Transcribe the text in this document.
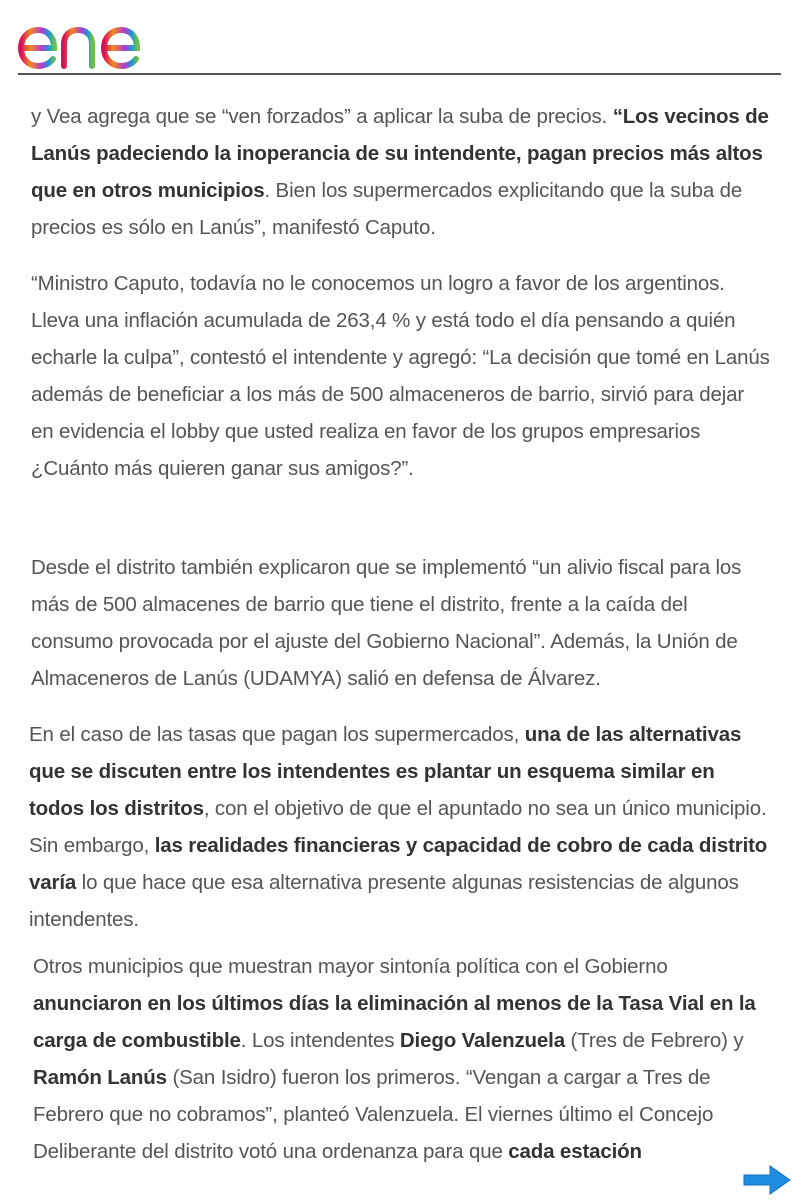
y Vea agrega que se “ven forzados” a aplicar la suba de precios. “Los vecinos de Lanús padeciendo la inoperancia de su intendente, pagan precios más altos que en otros municipios. Bien los supermercados explicitando que la suba de precios es sólo en Lanús”, manifestó Caputo.

“Ministro Caputo, todavía no le conocemos un logro a favor de los argentinos. Lleva una inflación acumulada de 263,4 % y está todo el día pensando a quién echarle la culpa”, contestó el intendente y agregó: “La decisión que tomé en Lanús además de beneficiar a los más de 500 almaceneros de barrio, sirvió para dejar en evidencia el lobby que usted realiza en favor de los grupos empresarios ¿Cuánto más quieren ganar sus amigos?”.

Desde el distrito también explicaron que se implementó “un alivio fiscal para los más de 500 almacenes de barrio que tiene el distrito, frente a la caída del consumo provocada por el ajuste del Gobierno Nacional”. Además, la Unión de Almaceneros de Lanús (UDAMYA) salió en defensa de Álvarez.

En el caso de las tasas que pagan los supermercados, una de las alternativas que se discuten entre los intendentes es plantar un esquema similar en todos los distritos, con el objetivo de que el apuntado no sea un único municipio. Sin embargo, las realidades financieras y capacidad de cobro de cada distrito varía lo que hace que esa alternativa presente algunas resistencias de algunos intendentes.

Otros municipios que muestran mayor sintonía política con el Gobierno anunciaron en los últimos días la eliminación al menos de la Tasa Vial en la carga de combustible. Los intendentes Diego Valenzuela (Tres de Febrero) y Ramón Lanús (San Isidro) fueron los primeros. “Vengan a cargar a Tres de Febrero que no cobramos”, planteó Valenzuela. El viernes último el Concejo Deliberante del distrito votó una ordenanza para que cada estación
